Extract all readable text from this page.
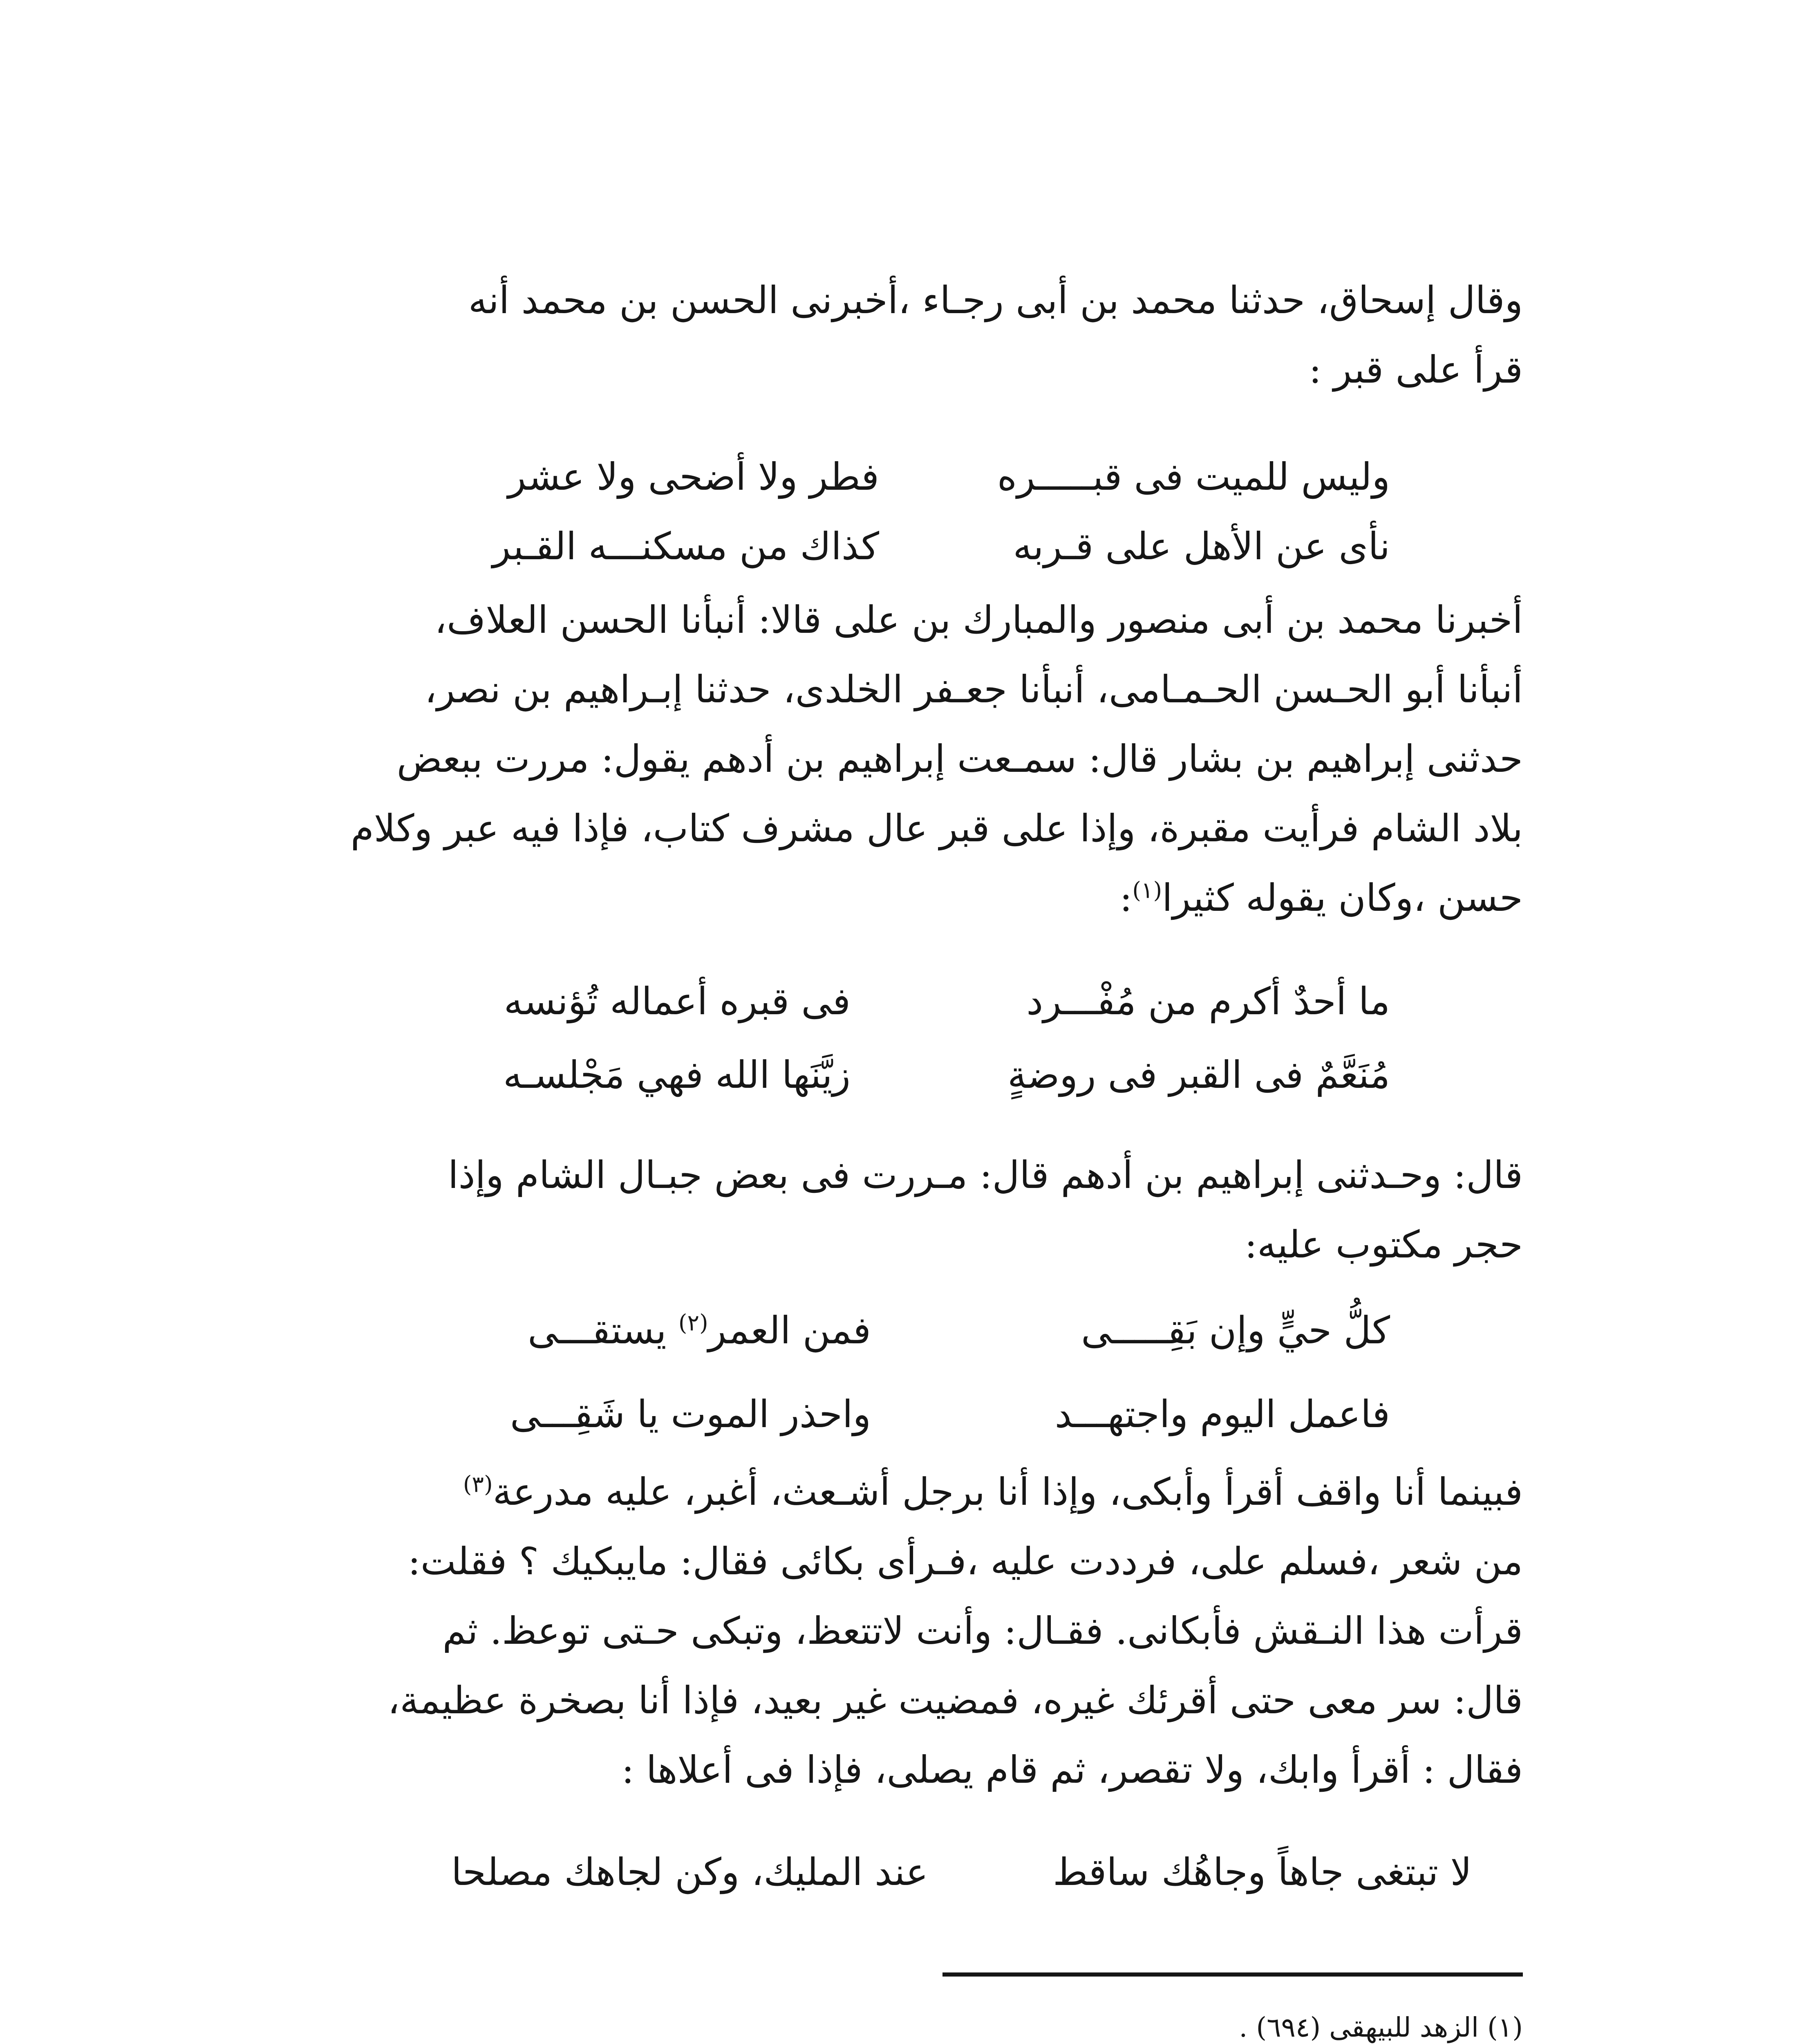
وقال إسحاق، حدثنا محمد بن أبى رجـاء ،أخبرنى الحسن بن محمد أنه
قرأ على قبر :
وليس للميت فى قبـــــره
فطر ولا أضحى ولا عشر
نأى عن الأهل على قـربه
كذاك من مسكنـــه القـبر
أخبرنا محمد بن أبى منصور والمبارك بن على قالا: أنبأنا الحسن العلاف،
أنبأنا أبو الحـسن الحـمـامى، أنبأنا جعـفر الخلدى، حدثنا إبـراهيم بن نصر،
حدثنى إبراهيم بن بشار قال: سمـعت إبراهيم بن أدهم يقول: مررت ببعض
بلاد الشام فرأيت مقبرة، وإذا على قبر عال مشرف كتاب، فإذا فيه عبر وكلام
حسن ،وكان يقوله كثيرا$^{(١)}$:
ما أحدٌ أكرم من مُفْـــرد
فى قبره أعماله تُؤنسه
مُنَعَّمٌ فى القبر فى روضةٍ
زيَّنَها الله فهي مَجْلسـه
قال: وحـدثنى إبراهيم بن أدهم قال: مـررت فى بعض جبـال الشام وإذا
حجر مكتوب عليه:
كلُّ حيٍّ وإن بَقِـــــى
فمن العمر$^{(٢)}$ يستقـــى
فاعمل اليوم واجتهـــد
واحذر الموت يا شَقِـــى
فبينما أنا واقف أقرأ وأبكى، وإذا أنا برجل أشـعث، أغبر، عليه مدرعة$^{(٣)}$
من شعر ،فسلم على، فرددت عليه ،فـرأى بكائى فقال: مايبكيك ؟ فقلت:
قرأت هذا النـقش فأبكانى. فقـال: وأنت لاتتعظ، وتبكى حـتى توعظ. ثم
قال: سر معى حتى أقرئك غيره، فمضيت غير بعيد، فإذا أنا بصخرة عظيمة،
فقال : أقرأ وابك، ولا تقصر، ثم قام يصلى، فإذا فى أعلاها :
لا تبتغى جاهاً وجاهُك ساقط
عند المليك، وكن لجاهك مصلحا
(١) الزهد للبيهقى (٦٩٤) .
